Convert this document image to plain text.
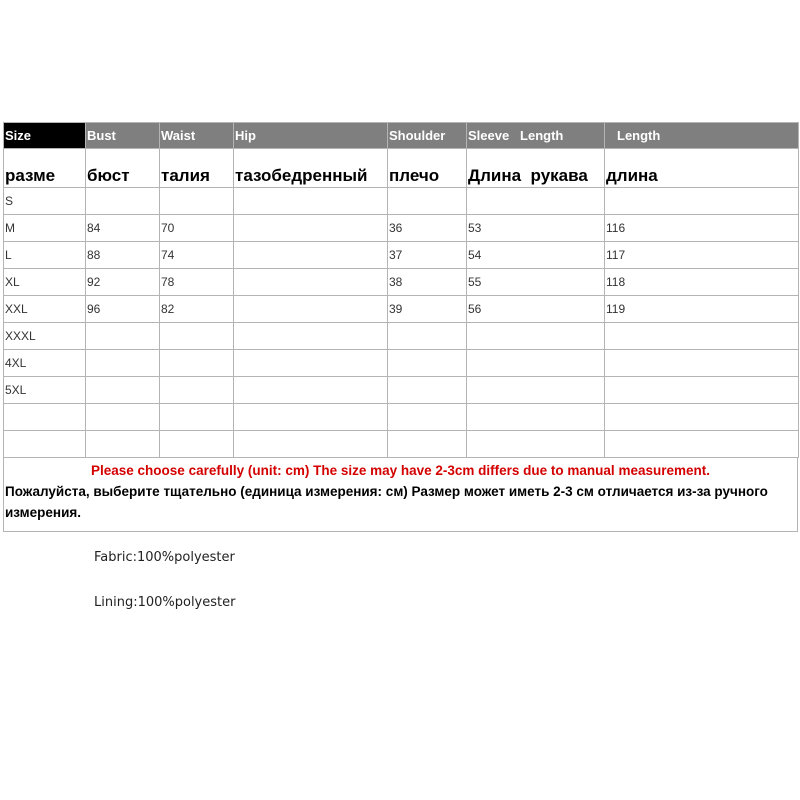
Size	Bust	Waist	Hip	Shoulder	Sleeve   Length	Length
разме	бюст	талия	тазобедренный	плечо	Длина  рукава	длина
S						
M	84	70		36	53	116
L	88	74		37	54	117
XL	92	78		38	55	118
XXL	96	82		39	56	119
XXXL						
4XL						
5XL						

Please choose carefully (unit: cm) The size may have 2-3cm differs due to manual measurement.

Пожалуйста, выберите тщательно (единица измерения: см) Размер может иметь 2-3 см отличается из-за ручного измерения.

Fabric:100%polyester
Lining:100%polyester
